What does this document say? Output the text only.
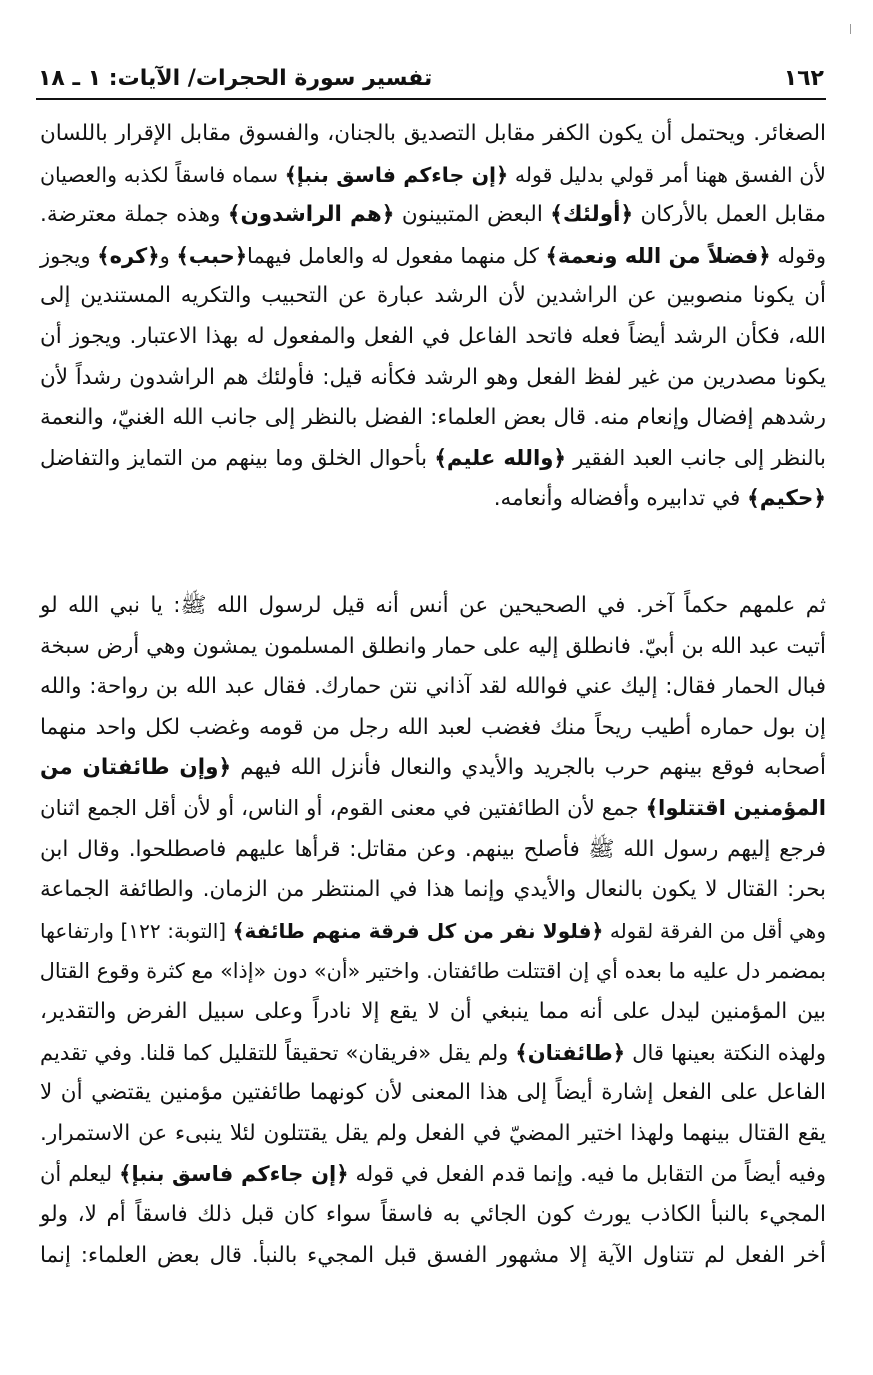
١٦٢
تفسير سورة الحجرات/ الآيات: ١ ـ ١٨
الصغائر. ويحتمل أن يكون الكفر مقابل التصديق بالجنان، والفسوق مقابل الإقرار باللسان
لأن الفسق ههنا أمر قولي بدليل قوله ﴿إن جاءكم فاسق بنبإ﴾ سماه فاسقاً لكذبه والعصيان
مقابل العمل بالأركان ﴿أولئك﴾ البعض المتبينون ﴿هم الراشدون﴾ وهذه جملة معترضة.
وقوله ﴿فضلاً من الله ونعمة﴾ كل منهما مفعول له والعامل فيهما﴿حبب﴾ و﴿كره﴾ ويجوز
أن يكونا منصوبين عن الراشدين لأن الرشد عبارة عن التحبيب والتكريه المستندين إلى
الله، فكأن الرشد أيضاً فعله فاتحد الفاعل في الفعل والمفعول له بهذا الاعتبار. ويجوز أن
يكونا مصدرين من غير لفظ الفعل وهو الرشد فكأنه قيل: فأولئك هم الراشدون رشداً لأن
رشدهم إفضال وإنعام منه. قال بعض العلماء: الفضل بالنظر إلى جانب الله الغنيّ، والنعمة
بالنظر إلى جانب العبد الفقير ﴿والله عليم﴾ بأحوال الخلق وما بينهم من التمايز والتفاضل
﴿حكيم﴾ في تدابيره وأفضاله وأنعامه.
ثم علمهم حكماً آخر. في الصحيحين عن أنس أنه قيل لرسول الله ﷺ: يا نبي الله لو
أتيت عبد الله بن أبيّ. فانطلق إليه على حمار وانطلق المسلمون يمشون وهي أرض سبخة
فبال الحمار فقال: إليك عني فوالله لقد آذاني نتن حمارك. فقال عبد الله بن رواحة: والله
إن بول حماره أطيب ريحاً منك فغضب لعبد الله رجل من قومه وغضب لكل واحد منهما
أصحابه فوقع بينهم حرب بالجريد والأيدي والنعال فأنزل الله فيهم ﴿وإن طائفتان من
المؤمنين اقتتلوا﴾ جمع لأن الطائفتين في معنى القوم، أو الناس، أو لأن أقل الجمع اثنان
فرجع إليهم رسول الله ﷺ فأصلح بينهم. وعن مقاتل: قرأها عليهم فاصطلحوا. وقال ابن
بحر: القتال لا يكون بالنعال والأيدي وإنما هذا في المنتظر من الزمان. والطائفة الجماعة
وهي أقل من الفرقة لقوله ﴿فلولا نفر من كل فرقة منهم طائفة﴾ [التوبة: ١٢٢] وارتفاعها
بمضمر دل عليه ما بعده أي إن اقتتلت طائفتان. واختير «أن» دون «إذا» مع كثرة وقوع القتال
بين المؤمنين ليدل على أنه مما ينبغي أن لا يقع إلا نادراً وعلى سبيل الفرض والتقدير،
ولهذه النكتة بعينها قال ﴿طائفتان﴾ ولم يقل «فريقان» تحقيقاً للتقليل كما قلنا. وفي تقديم
الفاعل على الفعل إشارة أيضاً إلى هذا المعنى لأن كونهما طائفتين مؤمنين يقتضي أن لا
يقع القتال بينهما ولهذا اختير المضيّ في الفعل ولم يقل يقتتلون لئلا ينبىء عن الاستمرار.
وفيه أيضاً من التقابل ما فيه. وإنما قدم الفعل في قوله ﴿إن جاءكم فاسق بنبإ﴾ ليعلم أن
المجيء بالنبأ الكاذب يورث كون الجائي به فاسقاً سواء كان قبل ذلك فاسقاً أم لا، ولو
أخر الفعل لم تتناول الآية إلا مشهور الفسق قبل المجيء بالنبأ. قال بعض العلماء: إنما
